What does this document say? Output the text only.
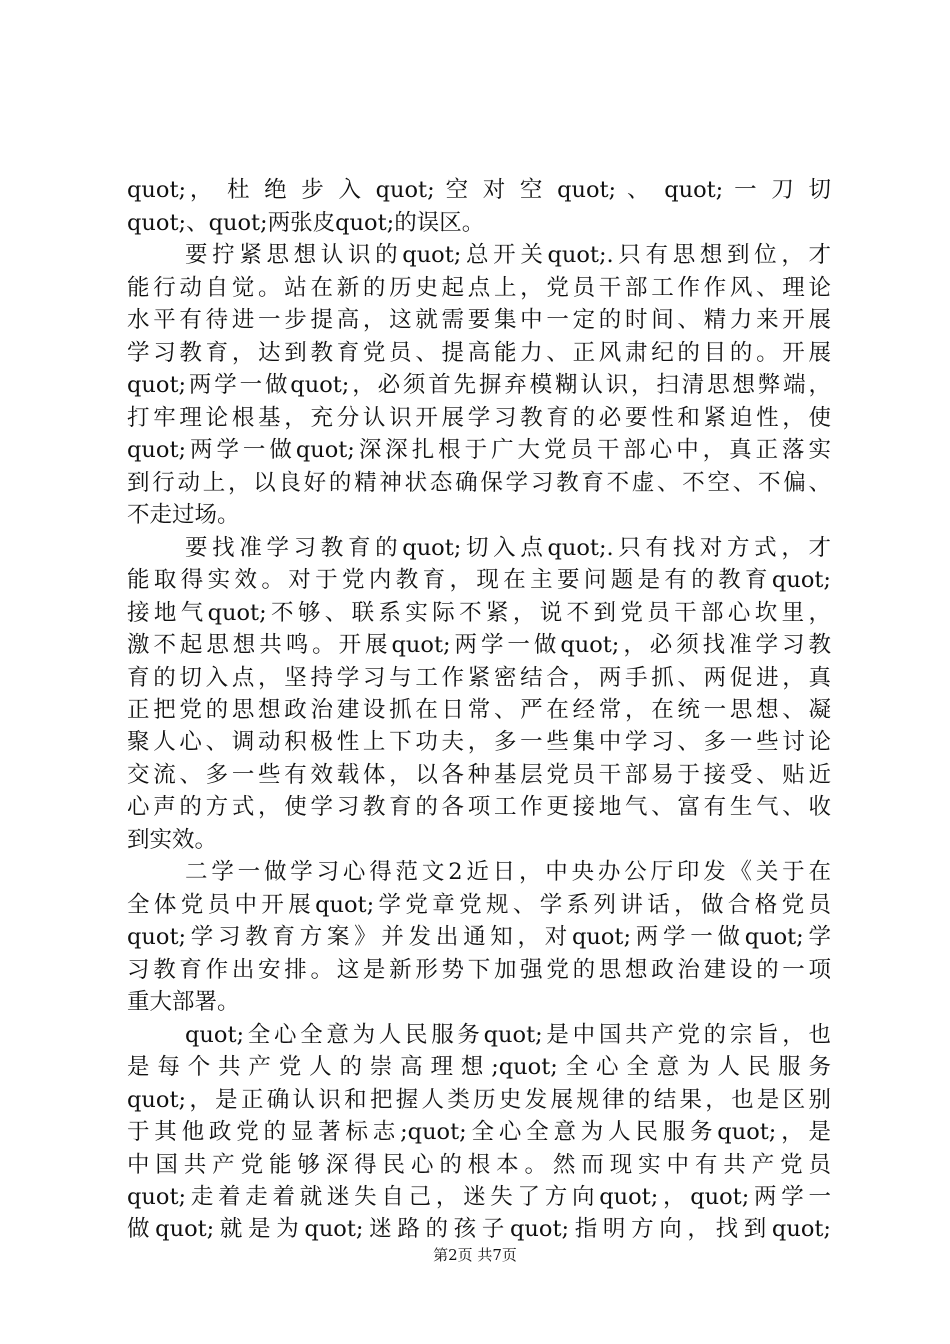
quot;， 杜 绝 步 入 quot; 空 对 空 quot; 、 quot; 一 刀 切
quot;、quot;两张皮quot;的误区。
要拧紧思想认识的quot;总开关quot;.只有思想到位，才
能行动自觉。站在新的历史起点上，党员干部工作作风、理论
水平有待进一步提高，这就需要集中一定的时间、精力来开展
学习教育，达到教育党员、提高能力、正风肃纪的目的。开展
quot;两学一做quot;，必须首先摒弃模糊认识，扫清思想弊端，
打牢理论根基，充分认识开展学习教育的必要性和紧迫性，使
quot;两学一做quot;深深扎根于广大党员干部心中，真正落实
到行动上，以良好的精神状态确保学习教育不虚、不空、不偏、
不走过场。
要找准学习教育的quot;切入点quot;.只有找对方式，才
能取得实效。对于党内教育，现在主要问题是有的教育quot;
接地气quot;不够、联系实际不紧，说不到党员干部心坎里，
激不起思想共鸣。开展quot;两学一做quot;，必须找准学习教
育的切入点，坚持学习与工作紧密结合，两手抓、两促进，真
正把党的思想政治建设抓在日常、严在经常，在统一思想、凝
聚人心、调动积极性上下功夫，多一些集中学习、多一些讨论
交流、多一些有效载体，以各种基层党员干部易于接受、贴近
心声的方式，使学习教育的各项工作更接地气、富有生气、收
到实效。
二学一做学习心得范文2近日，中央办公厅印发《关于在
全体党员中开展quot;学党章党规、学系列讲话，做合格党员
quot;学习教育方案》并发出通知，对quot;两学一做quot;学
习教育作出安排。这是新形势下加强党的思想政治建设的一项
重大部署。
quot;全心全意为人民服务quot;是中国共产党的宗旨，也
是每个共产党人的崇高理想;quot;全心全意为人民服务
quot;，是正确认识和把握人类历史发展规律的结果，也是区别
于其他政党的显著标志;quot;全心全意为人民服务quot;，是
中国共产党能够深得民心的根本。然而现实中有共产党员
quot;走着走着就迷失自己，迷失了方向quot;，quot;两学一
做quot;就是为quot;迷路的孩子quot;指明方向，找到quot;
第2页 共7页
